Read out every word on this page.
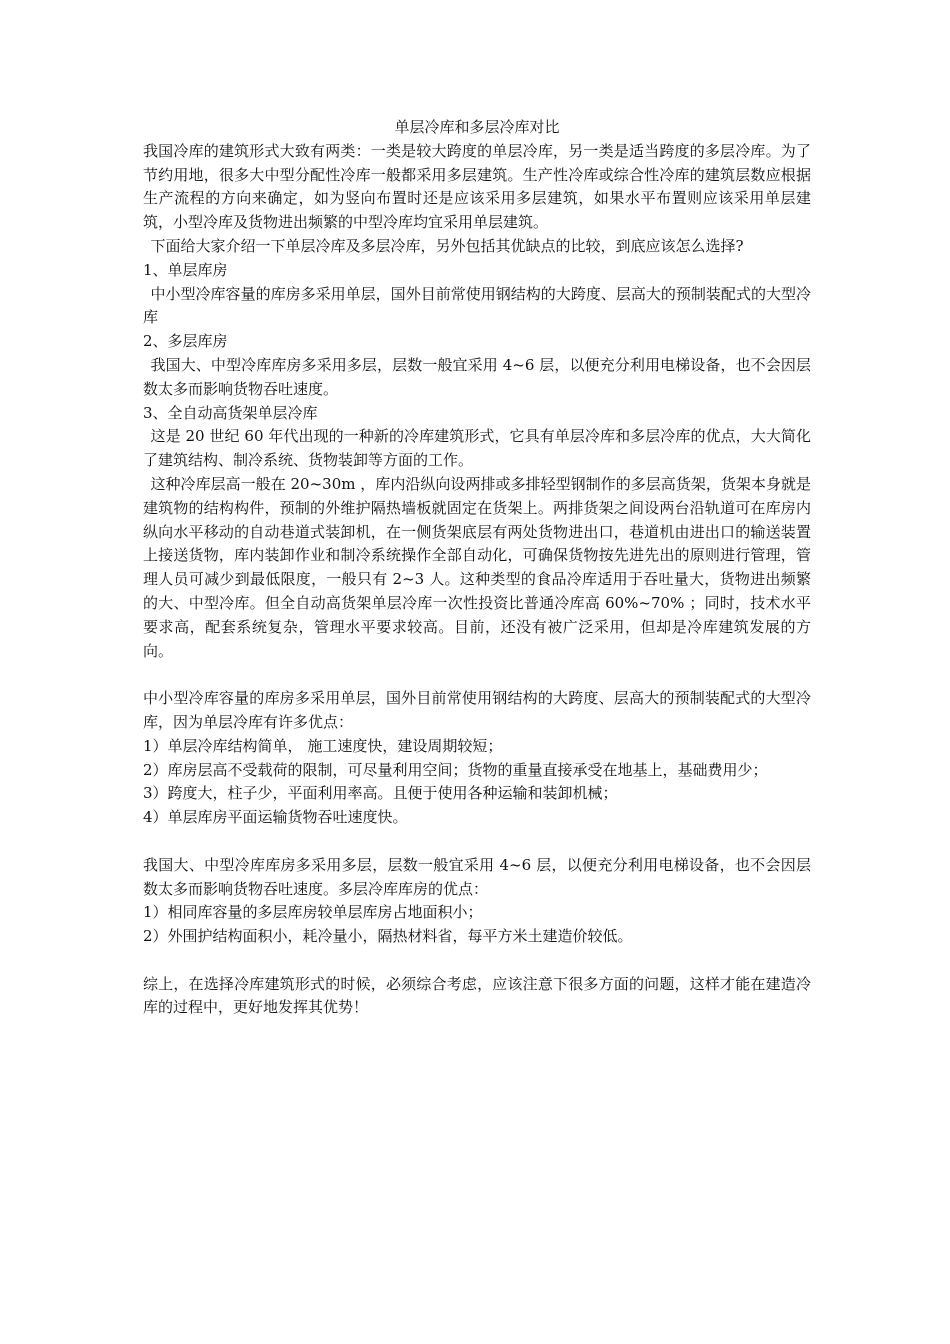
单层冷库和多层冷库对比

我国冷库的建筑形式大致有两类：一类是较大跨度的单层冷库，另一类是适当跨度的多层冷库。为了节约用地，很多大中型分配性冷库一般都采用多层建筑。生产性冷库或综合性冷库的建筑层数应根据生产流程的方向来确定，如为竖向布置时还是应该采用多层建筑，如果水平布置则应该采用单层建筑，小型冷库及货物进出频繁的中型冷库均宜采用单层建筑。

下面给大家介绍一下单层冷库及多层冷库，另外包括其优缺点的比较，到底应该怎么选择?

1、单层库房

中小型冷库容量的库房多采用单层，国外目前常使用钢结构的大跨度、层高大的预制装配式的大型冷库

2、多层库房

我国大、中型冷库库房多采用多层，层数一般宜采用 4~6 层，以便充分利用电梯设备，也不会因层数太多而影响货物吞吐速度。

3、全自动高货架单层冷库

这是 20 世纪 60 年代出现的一种新的冷库建筑形式，它具有单层冷库和多层冷库的优点，大大简化了建筑结构、制冷系统、货物装卸等方面的工作。

这种冷库层高一般在 20~30m ，库内沿纵向设两排或多排轻型钢制作的多层高货架，货架本身就是建筑物的结构构件，预制的外维护隔热墙板就固定在货架上。两排货架之间设两台沿轨道可在库房内纵向水平移动的自动巷道式装卸机，在一侧货架底层有两处货物进出口，巷道机由进出口的输送装置上接送货物，库内装卸作业和制冷系统操作全部自动化，可确保货物按先进先出的原则进行管理，管理人员可减少到最低限度，一般只有 2~3 人。这种类型的食品冷库适用于吞吐量大，货物进出频繁的大、中型冷库。但全自动高货架单层冷库一次性投资比普通冷库高 60%~70% ；同时，技术水平要求高，配套系统复杂，管理水平要求较高。目前，还没有被广泛采用，但却是冷库建筑发展的方向。

中小型冷库容量的库房多采用单层，国外目前常使用钢结构的大跨度、层高大的预制装配式的大型冷库，因为单层冷库有许多优点：

1）单层冷库结构简单， 施工速度快，建设周期较短；

2）库房层高不受载荷的限制，可尽量利用空间；货物的重量直接承受在地基上，基础费用少；

3）跨度大，柱子少，平面利用率高。且便于使用各种运输和装卸机械；

4）单层库房平面运输货物吞吐速度快。

我国大、中型冷库库房多采用多层，层数一般宜采用 4~6 层，以便充分利用电梯设备，也不会因层数太多而影响货物吞吐速度。多层冷库库房的优点：

1）相同库容量的多层库房较单层库房占地面积小；

2）外围护结构面积小，耗冷量小，隔热材料省，每平方米土建造价较低。

综上，在选择冷库建筑形式的时候，必须综合考虑，应该注意下很多方面的问题，这样才能在建造冷库的过程中，更好地发挥其优势！
